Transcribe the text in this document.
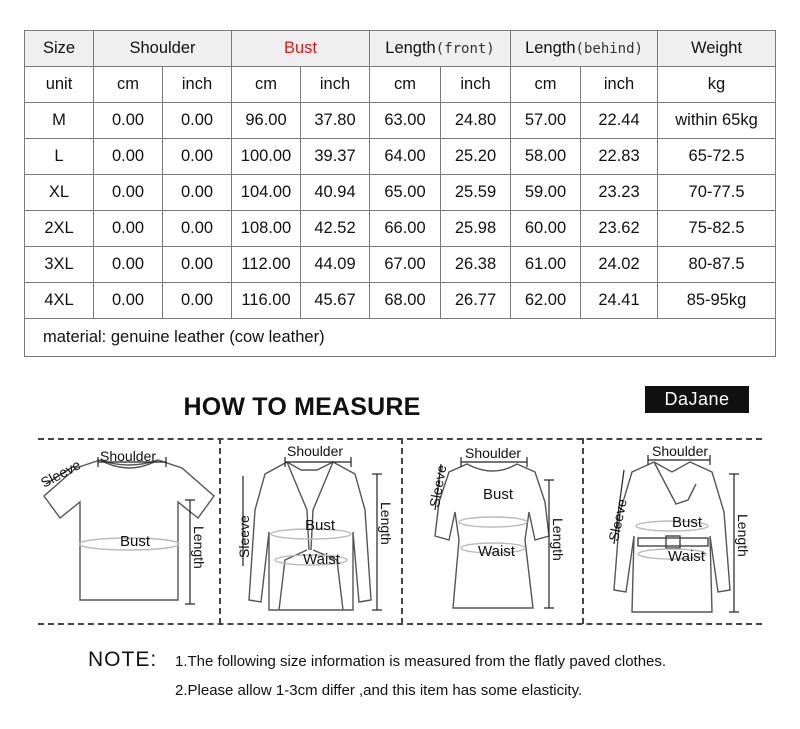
Size	Shoulder		Bust		Length(front)		Length(behind)		Weight
unit	cm	inch	cm	inch	cm	inch	cm	inch	kg
M	0.00	0.00	96.00	37.80	63.00	24.80	57.00	22.44	within 65kg
L	0.00	0.00	100.00	39.37	64.00	25.20	58.00	22.83	65-72.5
XL	0.00	0.00	104.00	40.94	65.00	25.59	59.00	23.23	70-77.5
2XL	0.00	0.00	108.00	42.52	66.00	25.98	60.00	23.62	75-82.5
3XL	0.00	0.00	112.00	44.09	67.00	26.38	61.00	24.02	80-87.5
4XL	0.00	0.00	116.00	45.67	68.00	26.77	62.00	24.41	85-95kg
material: genuine leather (cow leather)									
HOW TO MEASURE	DaJane
Shoulder
Sleeve
Bust	Length
Shoulder
Sleeve	Bust
Waist
Length
Shoulder
Sleeve Bust
Waist	Length
Shoulder
Sleeve	Bust
Waist Length
NOTE: 1.The following size information is measured from the flatly paved clothes.
2.Please allow 1-3cm differ ,and this item has some elasticity.
